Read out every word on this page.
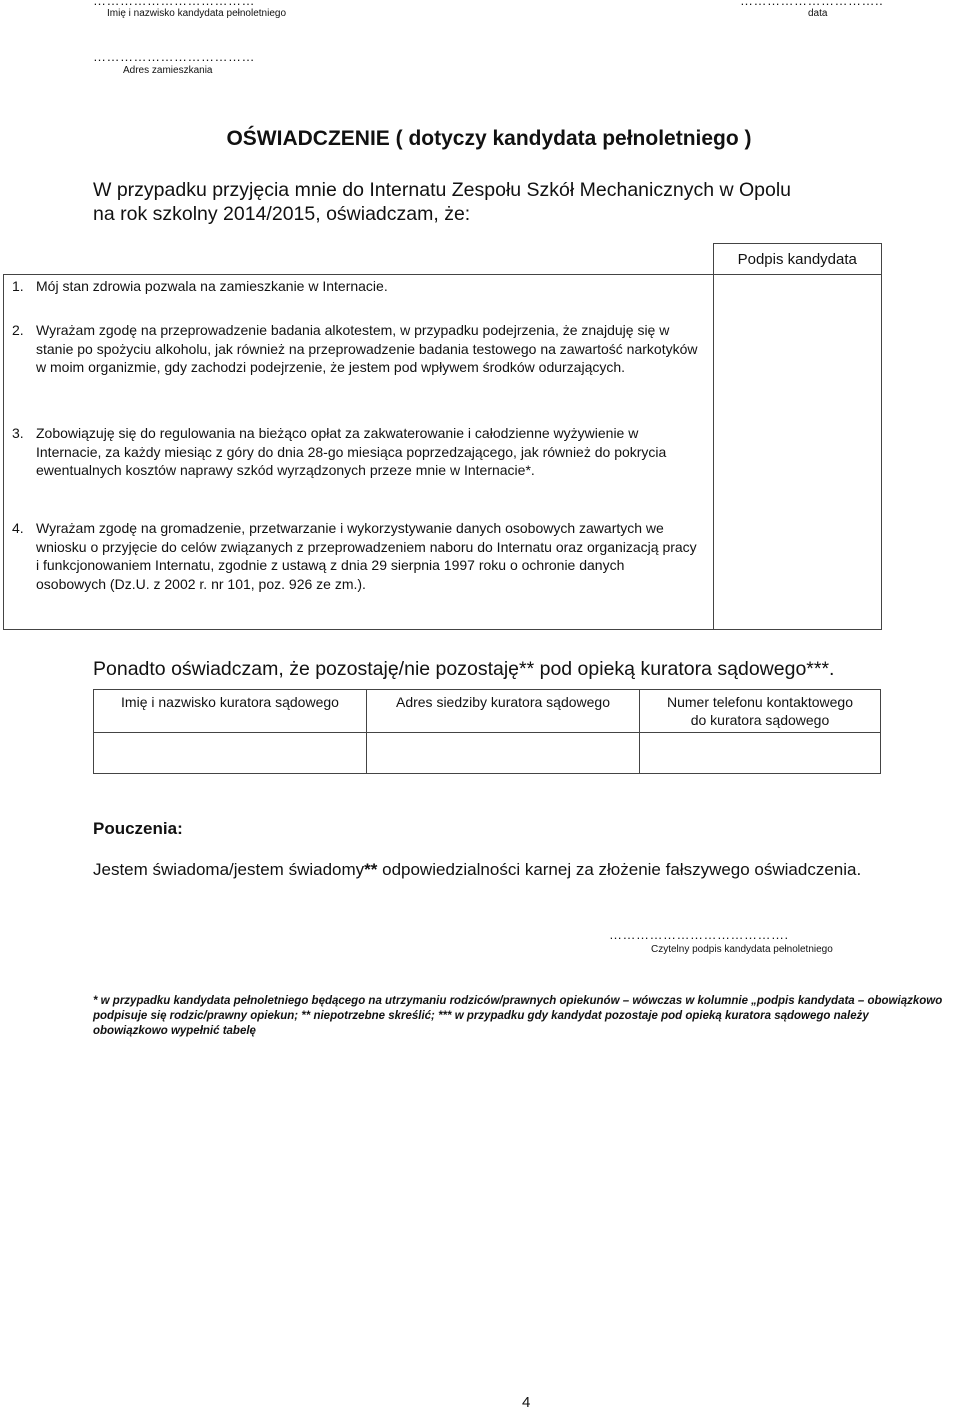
………………………………
Imię i nazwisko kandydata pełnoletniego
…………………………..
data
………………………………
Adres zamieszkania
OŚWIADCZENIE ( dotyczy kandydata pełnoletniego )

W przypadku przyjęcia mnie do Internatu Zespołu Szkół Mechanicznych w Opolu

na rok szkolny 2014/2015, oświadczam, że:

	Podpis kandydata

1. Mój stan zdrowia pozwala na zamieszkanie w Internacie.
2. Wyrażam zgodę na przeprowadzenie badania alkotestem, w przypadku podejrzenia, że znajduję się w stanie po spożyciu alkoholu, jak również na przeprowadzenie badania testowego na zawartość narkotyków w moim organizmie, gdy zachodzi podejrzenie, że jestem pod wpływem środków odurzających.
3. Zobowiązuję się do regulowania na bieżąco opłat za zakwaterowanie i całodzienne wyżywienie w Internacie, za każdy miesiąc z góry do dnia 28-go miesiąca poprzedzającego, jak również do pokrycia ewentualnych kosztów naprawy szkód wyrządzonych przeze mnie w Internacie*.
4. Wyrażam zgodę na gromadzenie, przetwarzanie i wykorzystywanie danych osobowych zawartych we wniosku o przyjęcie do celów związanych z przeprowadzeniem naboru do Internatu oraz organizacją pracy i funkcjonowaniem Internatu, zgodnie z ustawą z dnia 29 sierpnia 1997 roku o ochronie danych osobowych (Dz.U. z 2002 r. nr 101, poz. 926 ze zm.).	

Ponadto oświadczam, że pozostaję/nie pozostaję** pod opieką kuratora sądowego***.
Imię i nazwisko kuratora sądowego	Adres siedziby kuratora sądowego	Numer telefonu kontaktowego
do kuratora sądowego

Pouczenia:
Jestem świadoma/jestem świadomy** odpowiedzialności karnej za złożenie fałszywego oświadczenia.
………………………………….
Czytelny podpis kandydata pełnoletniego
* w przypadku kandydata pełnoletniego będącego na utrzymaniu rodziców/prawnych opiekunów – wówczas w kolumnie „podpis kandydata – obowiązkowo podpisuje się rodzic/prawny opiekun; ** niepotrzebne skreślić; *** w przypadku gdy kandydat pozostaje pod opieką kuratora sądowego należy obowiązkowo wypełnić tabelę
4
